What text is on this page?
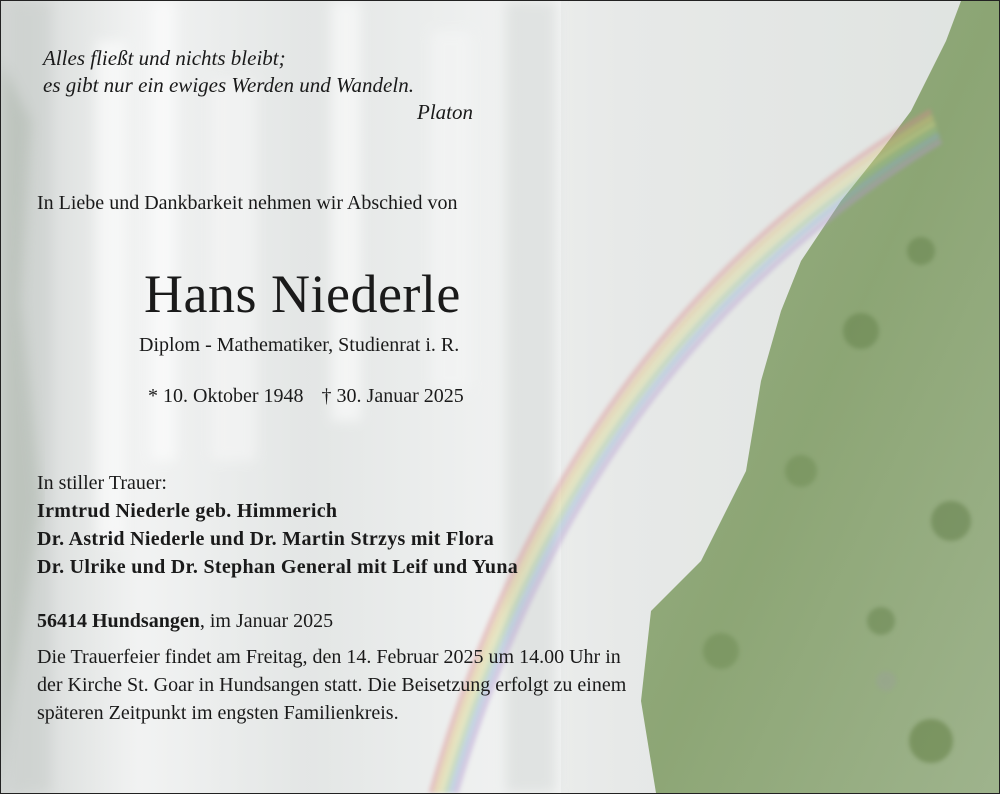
Alles fließt und nichts bleibt;
es gibt nur ein ewiges Werden und Wandeln.
Platon

In Liebe und Dankbarkeit nehmen wir Abschied von

Hans Niederle

Diplom - Mathematiker, Studienrat i. R.

* 10. Oktober 1948 † 30. Januar 2025

In stiller Trauer:
Irmtrud Niederle geb. Himmerich
Dr. Astrid Niederle und Dr. Martin Strzys mit Flora
Dr. Ulrike und Dr. Stephan General mit Leif und Yuna

56414 Hundsangen, im Januar 2025

Die Trauerfeier findet am Freitag, den 14. Februar 2025 um 14.00 Uhr in der Kirche St. Goar in Hundsangen statt. Die Beisetzung erfolgt zu einem späteren Zeitpunkt im engsten Familienkreis.
